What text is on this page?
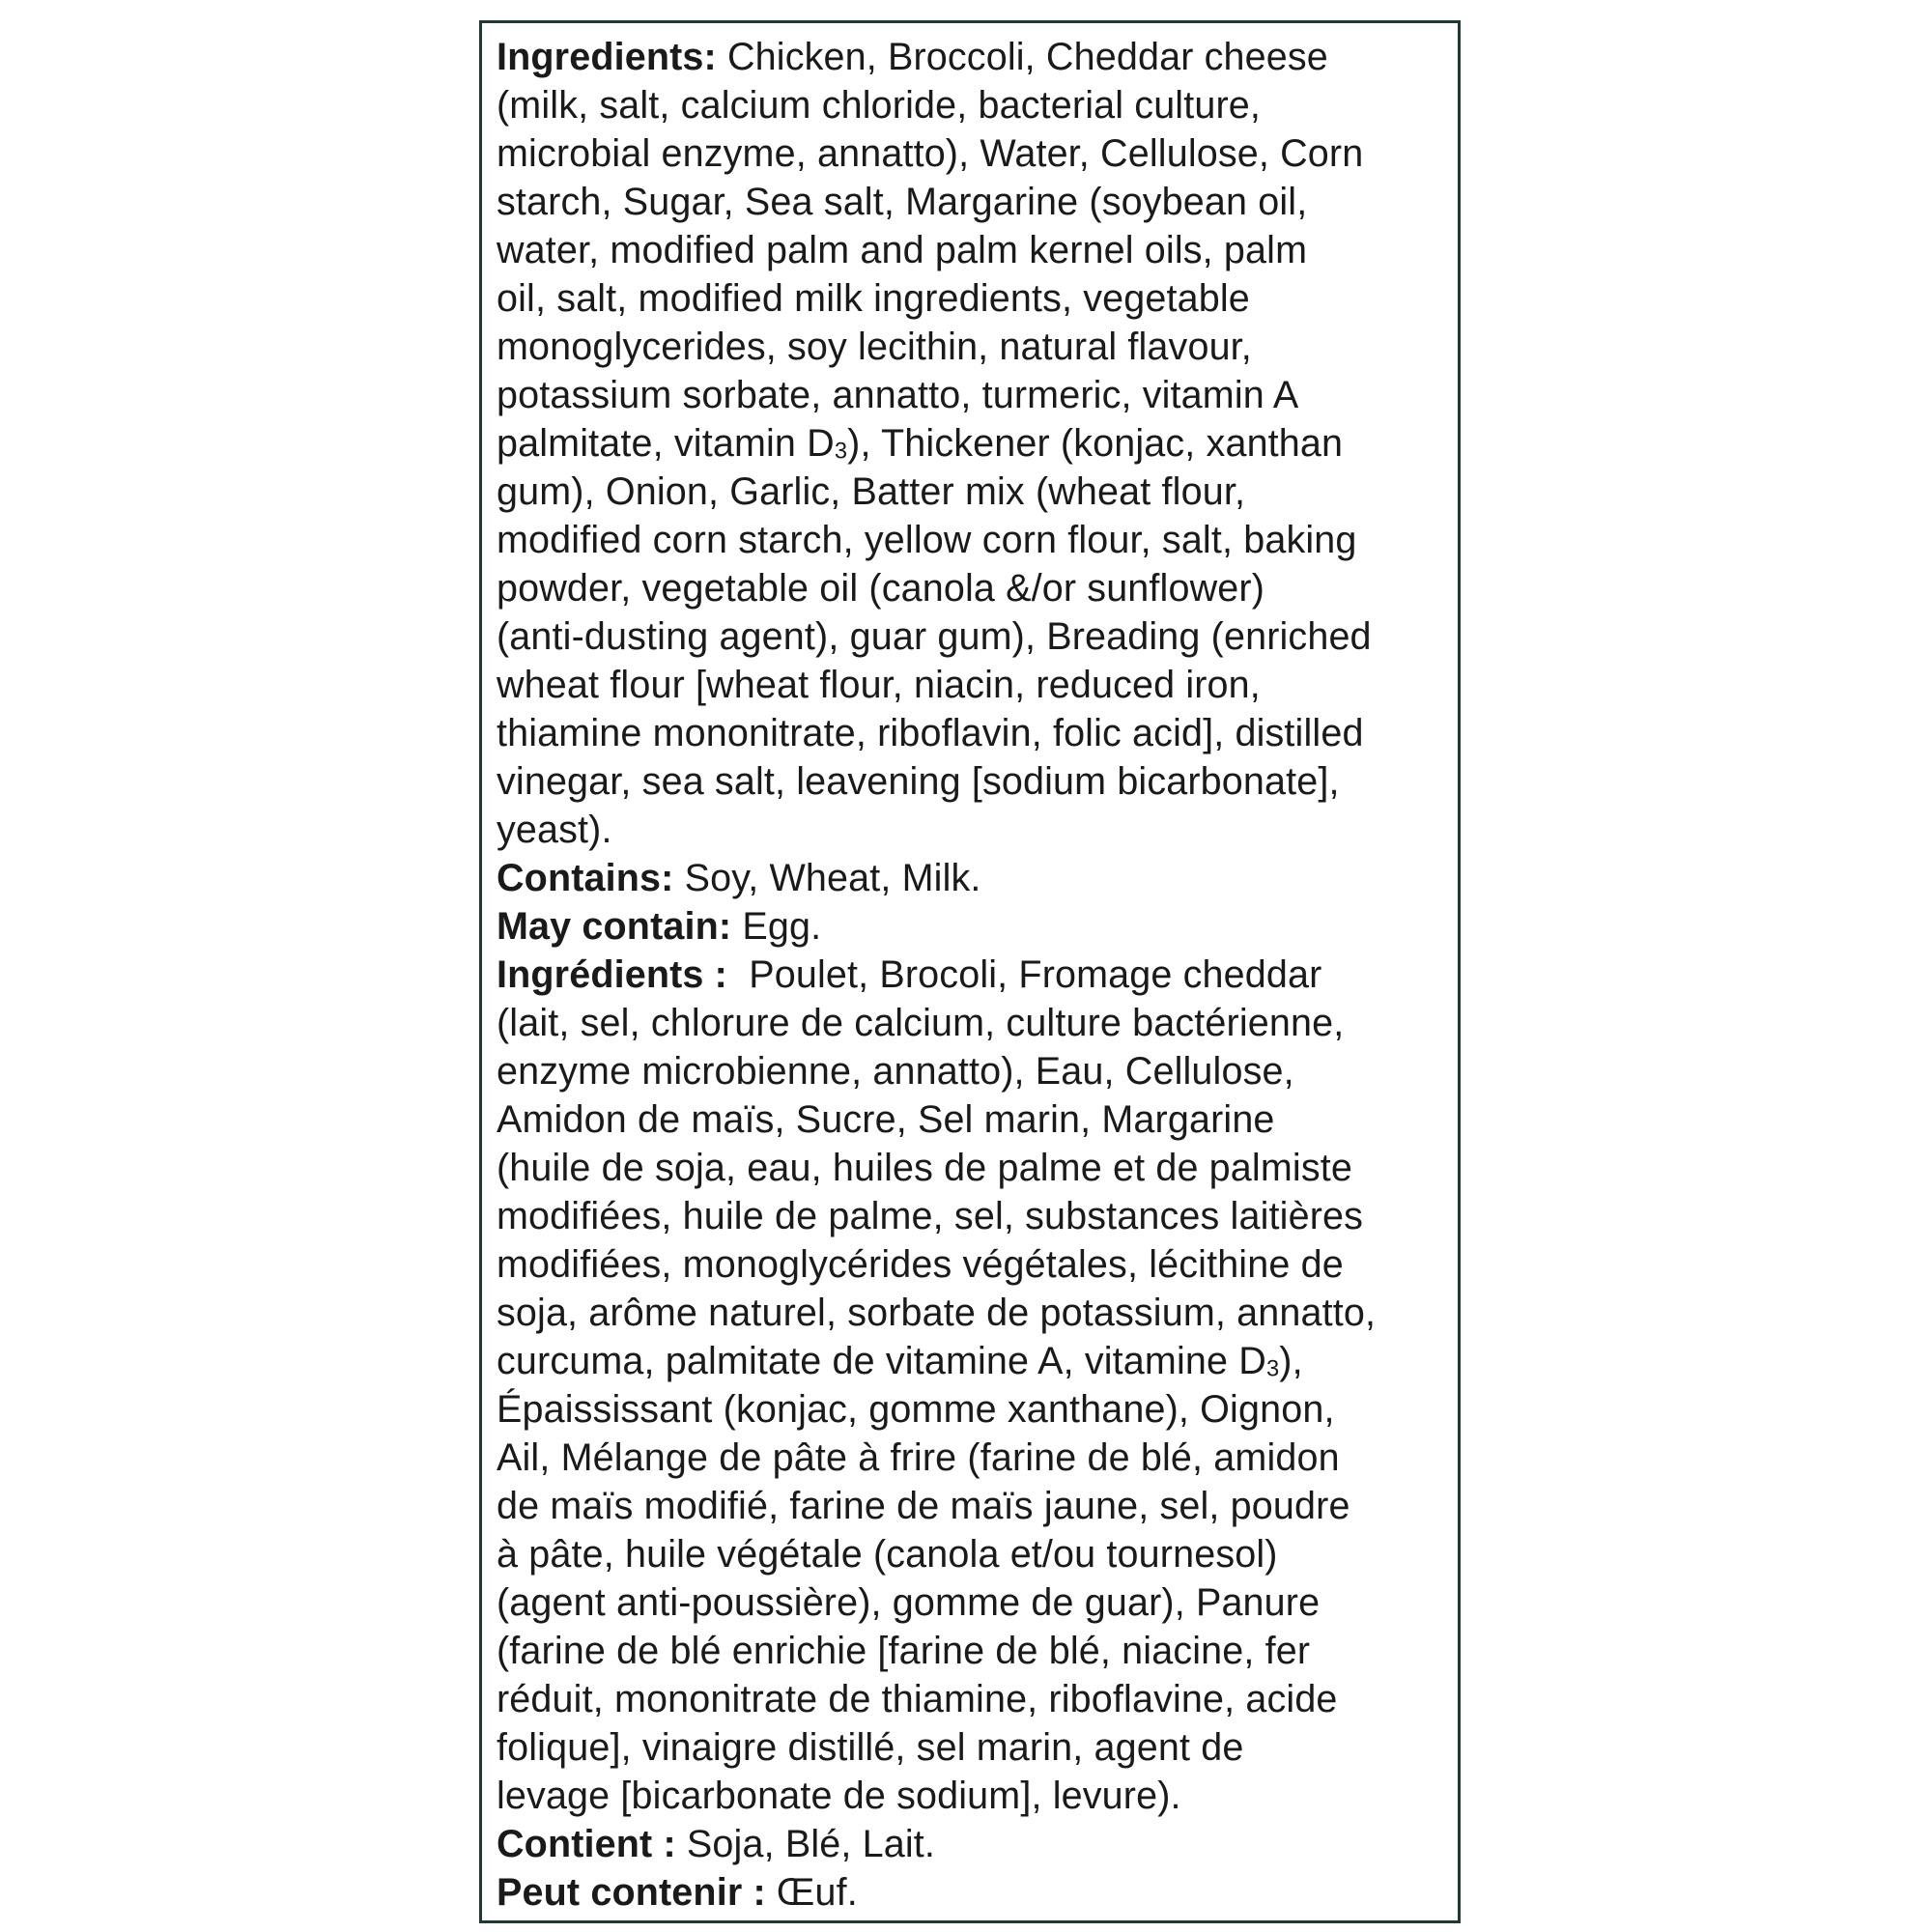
Ingredients: Chicken, Broccoli, Cheddar cheese
(milk, salt, calcium chloride, bacterial culture,
microbial enzyme, annatto), Water, Cellulose, Corn
starch, Sugar, Sea salt, Margarine (soybean oil,
water, modified palm and palm kernel oils, palm
oil, salt, modified milk ingredients, vegetable
monoglycerides, soy lecithin, natural flavour,
potassium sorbate, annatto, turmeric, vitamin A
palmitate, vitamin $D_3$), Thickener (konjac, xanthan
gum), Onion, Garlic, Batter mix (wheat flour,
modified corn starch, yellow corn flour, salt, baking
powder, vegetable oil (canola &/or sunflower)
(anti-dusting agent), guar gum), Breading (enriched
wheat flour [wheat flour, niacin, reduced iron,
thiamine mononitrate, riboflavin, folic acid], distilled
vinegar, sea salt, leavening [sodium bicarbonate],
yeast).
Contains: Soy, Wheat, Milk.
May contain: Egg.
Ingrédients :  Poulet, Brocoli, Fromage cheddar
(lait, sel, chlorure de calcium, culture bactérienne,
enzyme microbienne, annatto), Eau, Cellulose,
Amidon de maïs, Sucre, Sel marin, Margarine
(huile de soja, eau, huiles de palme et de palmiste
modifiées, huile de palme, sel, substances laitières
modifiées, monoglycérides végétales, lécithine de
soja, arôme naturel, sorbate de potassium, annatto,
curcuma, palmitate de vitamine A, vitamine $D_3$),
Épaississant (konjac, gomme xanthane), Oignon,
Ail, Mélange de pâte à frire (farine de blé, amidon
de maïs modifié, farine de maïs jaune, sel, poudre
à pâte, huile végétale (canola et/ou tournesol)
(agent anti-poussière), gomme de guar), Panure
(farine de blé enrichie [farine de blé, niacine, fer
réduit, mononitrate de thiamine, riboflavine, acide
folique], vinaigre distillé, sel marin, agent de
levage [bicarbonate de sodium], levure).
Contient : Soja, Blé, Lait.
Peut contenir : Œuf.
